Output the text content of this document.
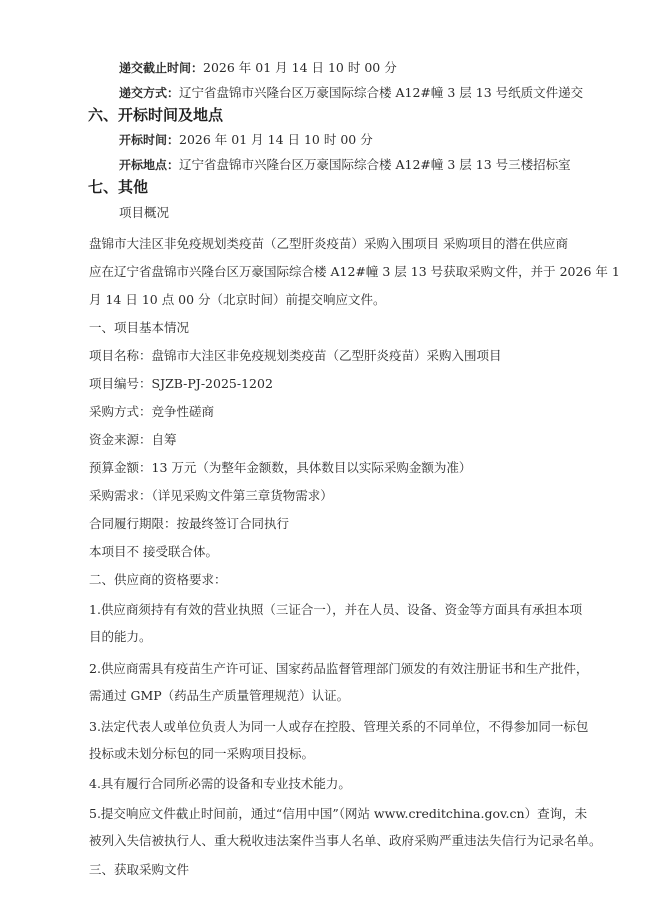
递交截止时间：2026 年 01 月 14 日 10 时 00 分
递交方式：辽宁省盘锦市兴隆台区万豪国际综合楼 A12#幢 3 层 13 号纸质文件递交
六、开标时间及地点
开标时间：2026 年 01 月 14 日 10 时 00 分
开标地点：辽宁省盘锦市兴隆台区万豪国际综合楼 A12#幢 3 层 13 号三楼招标室
七、其他
项目概况
盘锦市大洼区非免疫规划类疫苗（乙型肝炎疫苗）采购入围项目 采购项目的潜在供应商
应在辽宁省盘锦市兴隆台区万豪国际综合楼 A12#幢 3 层 13 号获取采购文件，并于 2026 年 1
月 14 日 10 点 00 分（北京时间）前提交响应文件。
一、项目基本情况
项目名称：盘锦市大洼区非免疫规划类疫苗（乙型肝炎疫苗）采购入围项目
项目编号：SJZB-PJ-2025-1202
采购方式：竞争性磋商
资金来源：自筹
预算金额：13 万元（为整年金额数，具体数目以实际采购金额为准）
采购需求：（详见采购文件第三章货物需求）
合同履行期限：按最终签订合同执行
本项目不 接受联合体。
二、供应商的资格要求：
1.供应商须持有有效的营业执照（三证合一），并在人员、设备、资金等方面具有承担本项
目的能力。
2.供应商需具有疫苗生产许可证、国家药品监督管理部门颁发的有效注册证书和生产批件，
需通过 GMP（药品生产质量管理规范）认证。
3.法定代表人或单位负责人为同一人或存在控股、管理关系的不同单位，不得参加同一标包
投标或未划分标包的同一采购项目投标。
4.具有履行合同所必需的设备和专业技术能力。
5.提交响应文件截止时间前，通过“信用中国”（网站 www.creditchina.gov.cn）查询，未
被列入失信被执行人、重大税收违法案件当事人名单、政府采购严重违法失信行为记录名单。
三、获取采购文件
